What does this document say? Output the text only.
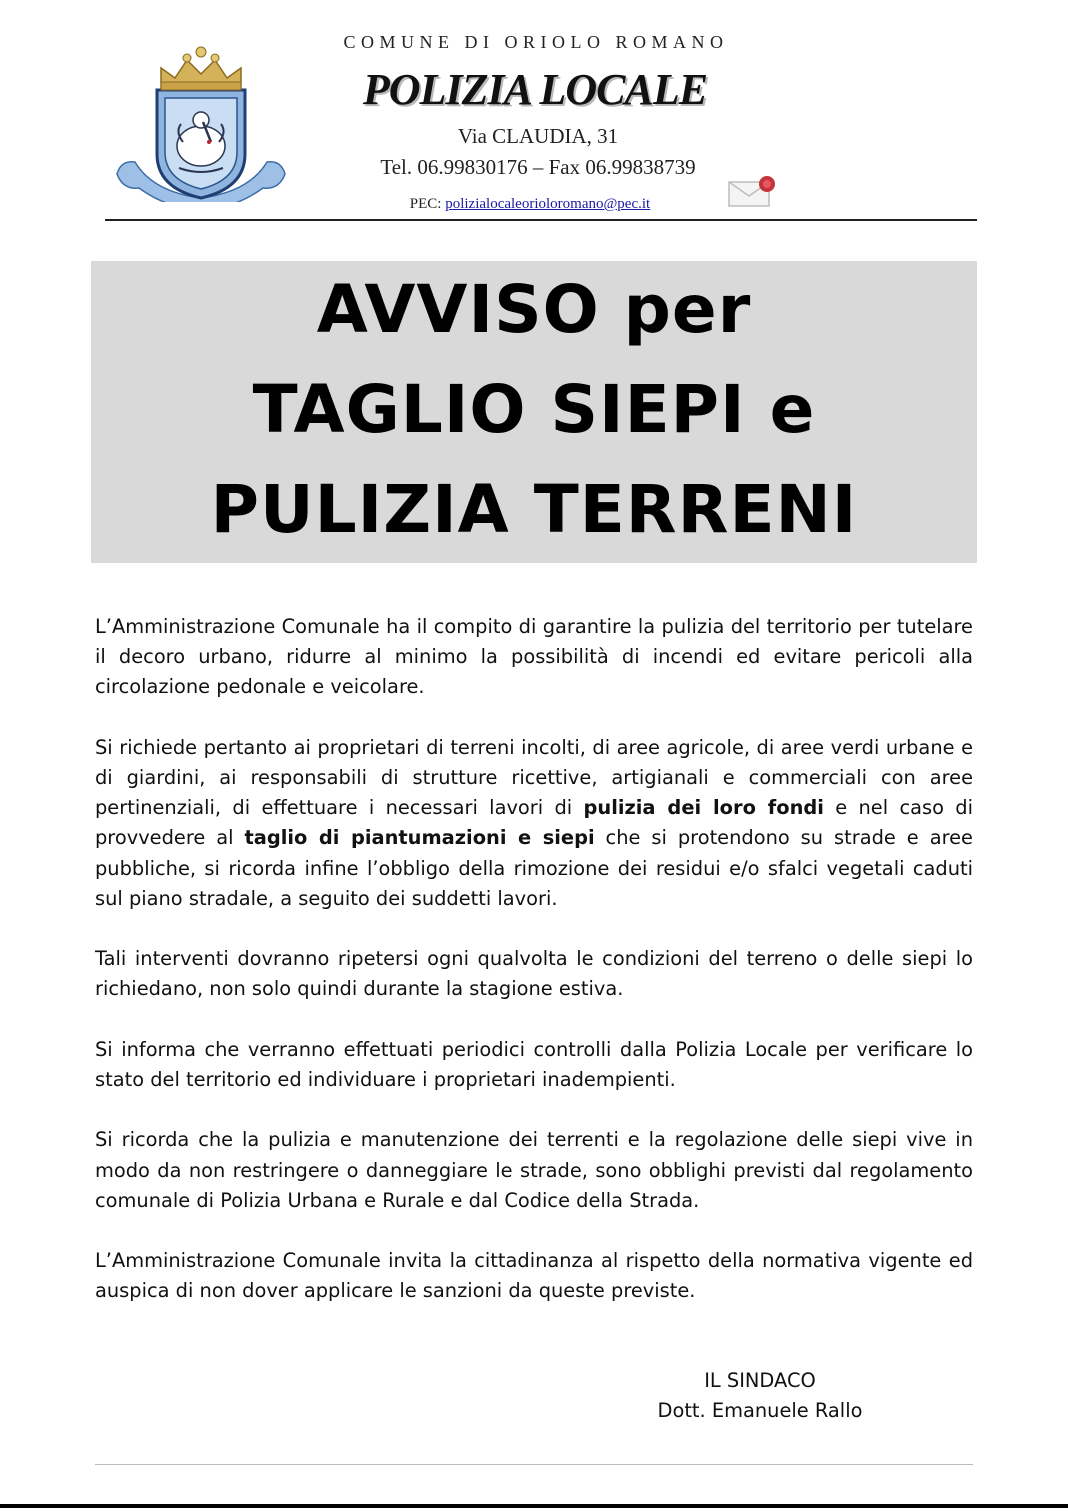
COMUNE DI ORIOLO ROMANO
POLIZIA LOCALE
Via CLAUDIA, 31
Tel. 06.99830176 – Fax 06.99838739
PEC: polizialocaleorioloromano@pec.it
AVVISO per
TAGLIO SIEPI e
PULIZIA TERRENI

L’Amministrazione Comunale ha il compito di garantire la pulizia del territorio per tutelare il decoro urbano, ridurre al minimo la possibilità di incendi ed evitare pericoli alla circolazione pedonale e veicolare.

Si richiede pertanto ai proprietari di terreni incolti, di aree agricole, di aree verdi urbane e di giardini, ai responsabili di strutture ricettive, artigianali e commerciali con aree pertinenziali, di effettuare i necessari lavori di pulizia dei loro fondi e nel caso di provvedere al taglio di piantumazioni e siepi che si protendono su strade e aree pubbliche, si ricorda infine l’obbligo della rimozione dei residui e/o sfalci vegetali caduti sul piano stradale, a seguito dei suddetti lavori.

Tali interventi dovranno ripetersi ogni qualvolta le condizioni del terreno o delle siepi lo richiedano, non solo quindi durante la stagione estiva.

Si informa che verranno effettuati periodici controlli dalla Polizia Locale per verificare lo stato del territorio ed individuare i proprietari inadempienti.

Si ricorda che la pulizia e manutenzione dei terrenti e la regolazione delle siepi vive in modo da non restringere o danneggiare le strade, sono obblighi previsti dal regolamento comunale di Polizia Urbana e Rurale e dal Codice della Strada.

L’Amministrazione Comunale invita la cittadinanza al rispetto della normativa vigente ed auspica di non dover applicare le sanzioni da queste previste.

IL SINDACO
Dott. Emanuele Rallo
